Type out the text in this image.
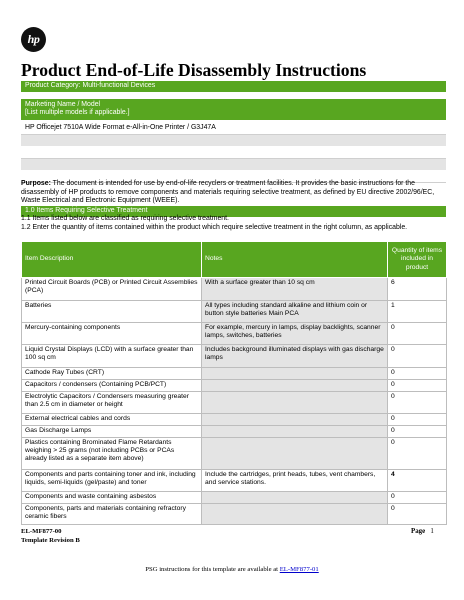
hp
Product End-of-Life Disassembly Instructions
Product Category: Multi-functional Devices
Marketing Name / Model
[List multiple models if applicable.]
HP Officejet 7510A Wide Format e-All-in-One Printer / G3J47A
Purpose: The document is intended for use by end-of-life recyclers or treatment facilities. It provides the basic instructions for the disassembly of HP products to remove components and materials requiring selective treatment, as defined by EU directive 2002/96/EC, Waste Electrical and Electronic Equipment (WEEE).
1.0 Items Requiring Selective Treatment
1.1 Items listed below are classified as requiring selective treatment.
1.2 Enter the quantity of items contained within the product which require selective treatment in the right column, as applicable.
Item Description	Notes	Quantity of items included in product
Printed Circuit Boards (PCB) or Printed Circuit Assemblies (PCA)	With a surface greater than 10 sq cm	6
Batteries	All types including standard alkaline and lithium coin or button style batteries Main PCA	1
Mercury-containing components	For example, mercury in lamps, display backlights, scanner lamps, switches, batteries	0
Liquid Crystal Displays (LCD) with a surface greater than 100 sq cm	Includes background illuminated displays with gas discharge lamps	0
Cathode Ray Tubes (CRT)		0
Capacitors / condensers (Containing PCB/PCT)		0
Electrolytic Capacitors / Condensers measuring greater than 2.5 cm in diameter or height		0
External electrical cables and cords		0
Gas Discharge Lamps		0
Plastics containing Brominated Flame Retardants weighing > 25 grams (not including PCBs or PCAs already listed as a separate item above)		0
Components and parts containing toner and ink, including liquids, semi-liquids (gel/paste) and toner	Include the cartridges, print heads, tubes, vent chambers, and service stations.	4
Components and waste containing asbestos		0
Components, parts and materials containing refractory ceramic fibers		0
EL-MF877-00
Template Revision B
Page 1
PSG instructions for this template are available at EL-MF877-01
